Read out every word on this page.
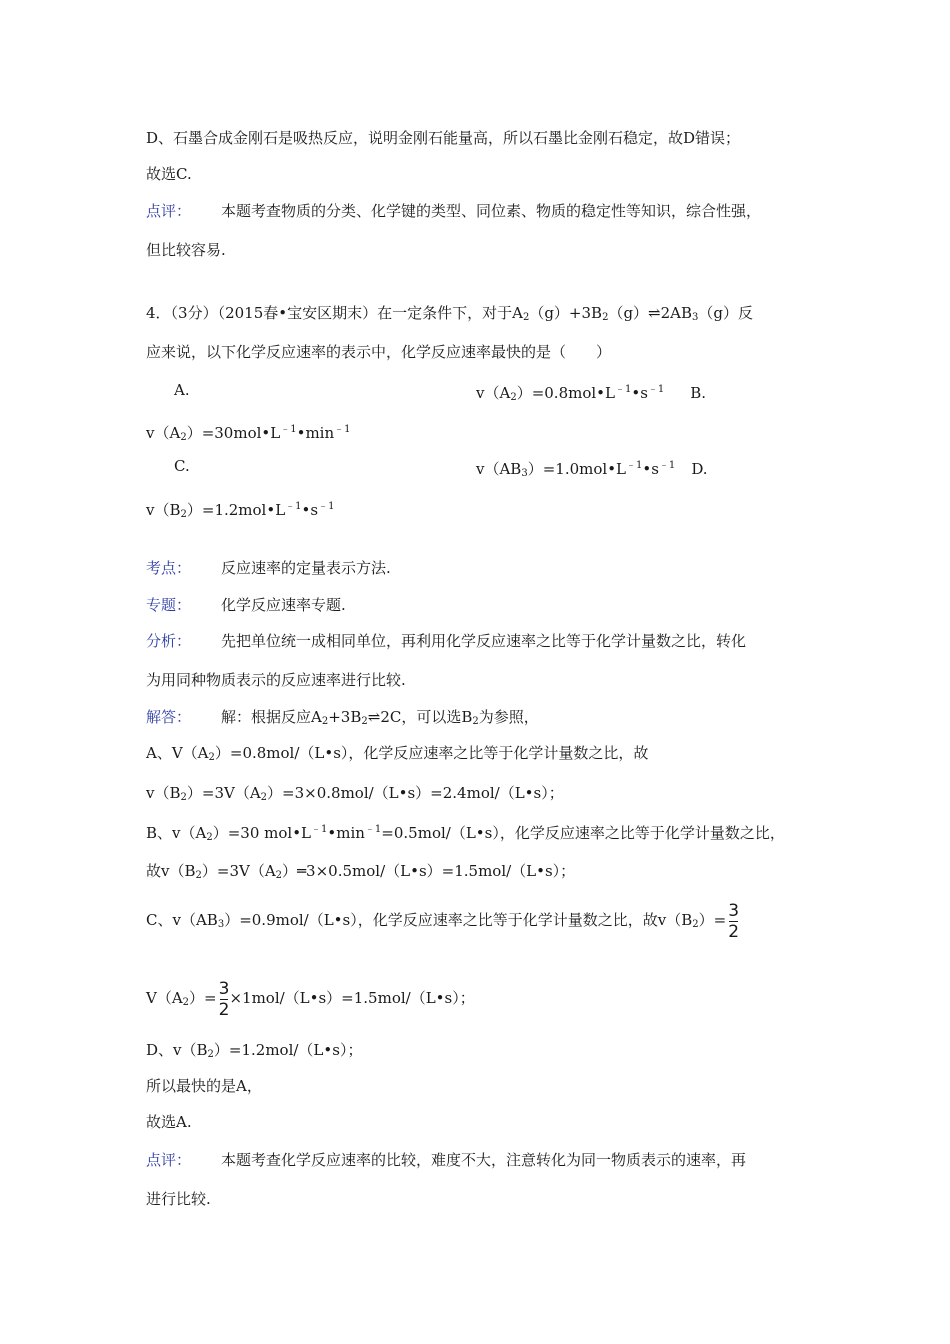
D、石墨合成金刚石是吸热反应，说明金刚石能量高，所以石墨比金刚石稳定，故D错误；
故选C.
点评： 本题考查物质的分类、化学键的类型、同位素、物质的稳定性等知识，综合性强，
但比较容易.
4．（3分）（2015春•宝安区期末）在一定条件下，对于$A_2(g)+3B_2(g)\rightleftharpoons 2AB_3(g)$反
应来说，以下化学反应速率的表示中，化学反应速率最快的是（　　）
A.	$v(A_2)=0.8mol•L^{﹣1}•s^{﹣1}$ B.
$v(A_2)=30mol•L^{﹣1}•\min^{﹣1}$
C.	$v(AB_3)=1.0mol•L^{﹣1}•s^{﹣1}$ D.
$v(B_2)=1.2mol•L^{﹣1}•s^{﹣1}$
考点： 反应速率的定量表示方法.
专题： 化学反应速率专题.
分析： 先把单位统一成相同单位，再利用化学反应速率之比等于化学计量数之比，转化
为用同种物质表示的反应速率进行比较.
解答： 解：根据反应$A_2+3B_2\rightleftharpoons 2C$，可以选$B_2$为参照，
A、$V(A_2)=0.8mol/(L•s)$，化学反应速率之比等于化学计量数之比，故
$v(B_2)=3V(A_2)=3\times 0.8mol/(L•s)=2.4mol/(L•s)$；
B、$v(A_2)=30$ $mol•L^{﹣1}•\min^{﹣1}=0.5mol/(L•s)$，化学反应速率之比等于化学计量数之比，
故$v(B_2)=3V(A_2)═3\times 0.5mol/(L•s)=1.5mol/(L•s)$；
C、$v(AB_3)=0.9mol/(L•s)$，化学反应速率之比等于化学计量数之比，故$v(B_2)= \frac{3}{2}$
$V(A_2)= \frac{3}{2}$ ×1mol/（L•s）=1.5mol/（L•s）；
D、$v(B_2)=1.2mol/(L•s)$；
所以最快的是A，
故选A.
点评： 本题考查化学反应速率的比较，难度不大，注意转化为同一物质表示的速率，再
进行比较.
